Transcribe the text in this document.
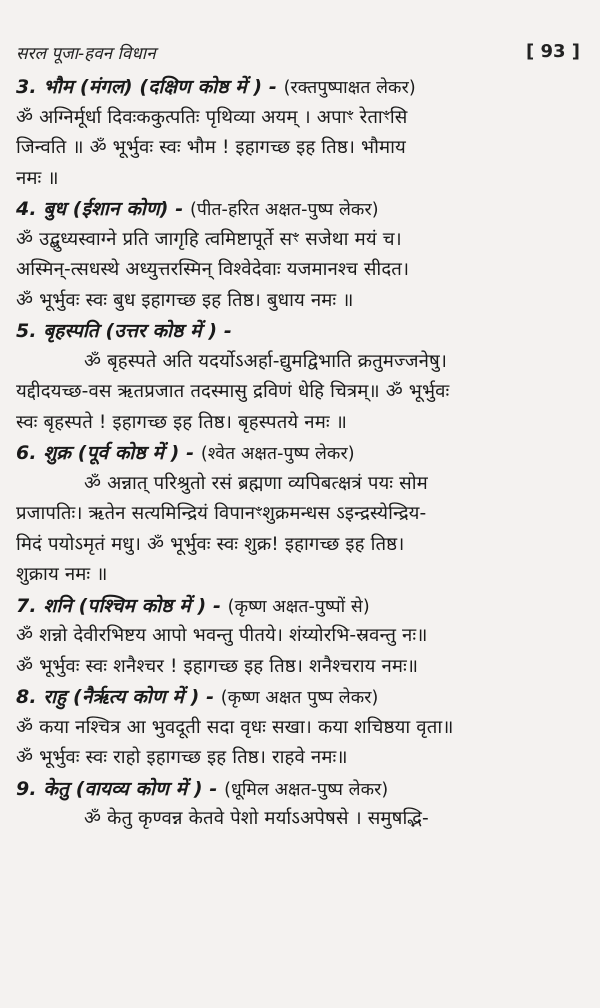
सरल पूजा-हवन विधान	[ 93 ]
3. भौम (मंगल) (दक्षिण कोष्ठ में ) - (रक्तपुष्पाक्षत लेकर)
ॐ अग्निर्मूर्धा दिवःककुत्पतिः पृथिव्या अयम् । अपाꣳ रेताꣳसि
जिन्वति ॥ ॐ भूर्भुवः स्वः भौम ! इहागच्छ इह तिष्ठ। भौमाय
नमः ॥
4. बुध (ईशान कोण) - (पीत-हरित अक्षत-पुष्प लेकर)
ॐ उद्बुध्यस्वाग्ने प्रति जागृहि त्वमिष्टापूर्ते सꣳ सजेथा मयं च।
अस्मिन्-त्सधस्थे अध्युत्तरस्मिन् विश्वेदेवाः यजमानश्च सीदत।
ॐ भूर्भुवः स्वः बुध इहागच्छ इह तिष्ठ। बुधाय नमः ॥
5. बृहस्पति (उत्तर कोष्ठ में ) -
ॐ बृहस्पते अति यदर्योऽअर्हा-द्युमद्विभाति क्रतुमज्जनेषु।
यद्दीदयच्छ-वस ऋतप्रजात तदस्मासु द्रविणं धेहि चित्रम्॥ ॐ भूर्भुवः
स्वः बृहस्पते ! इहागच्छ इह तिष्ठ। बृहस्पतये नमः ॥
6. शुक्र (पूर्व कोष्ठ में ) - (श्वेत अक्षत-पुष्प लेकर)
ॐ अन्नात् परिश्रुतो रसं ब्रह्मणा व्यपिबत्क्षत्रं पयः सोम
प्रजापतिः। ऋतेन सत्यमिन्द्रियं विपानꣳशुक्रमन्धस ऽइन्द्रस्येन्द्रिय-
मिदं पयोऽमृतं मधु। ॐ भूर्भुवः स्वः शुक्र! इहागच्छ इह तिष्ठ।
शुक्राय नमः ॥
7. शनि (पश्चिम कोष्ठ में ) - (कृष्ण अक्षत-पुष्पों से)
ॐ शन्नो देवीरभिष्टय आपो भवन्तु पीतये। शंय्योरभि-स्रवन्तु नः॥
ॐ भूर्भुवः स्वः शनैश्चर ! इहागच्छ इह तिष्ठ। शनैश्चराय नमः॥
8. राहु (नैर्ऋत्य कोण में ) - (कृष्ण अक्षत पुष्प लेकर)
ॐ कया नश्चित्र आ भुवदूती सदा वृधः सखा। कया शचिष्ठया वृता॥
ॐ भूर्भुवः स्वः राहो इहागच्छ इह तिष्ठ। राहवे नमः॥
9. केतु (वायव्य कोण में ) - (धूमिल अक्षत-पुष्प लेकर)
ॐ केतु कृण्वन्न केतवे पेशो मर्याऽअपेषसे । समुषद्भि-
